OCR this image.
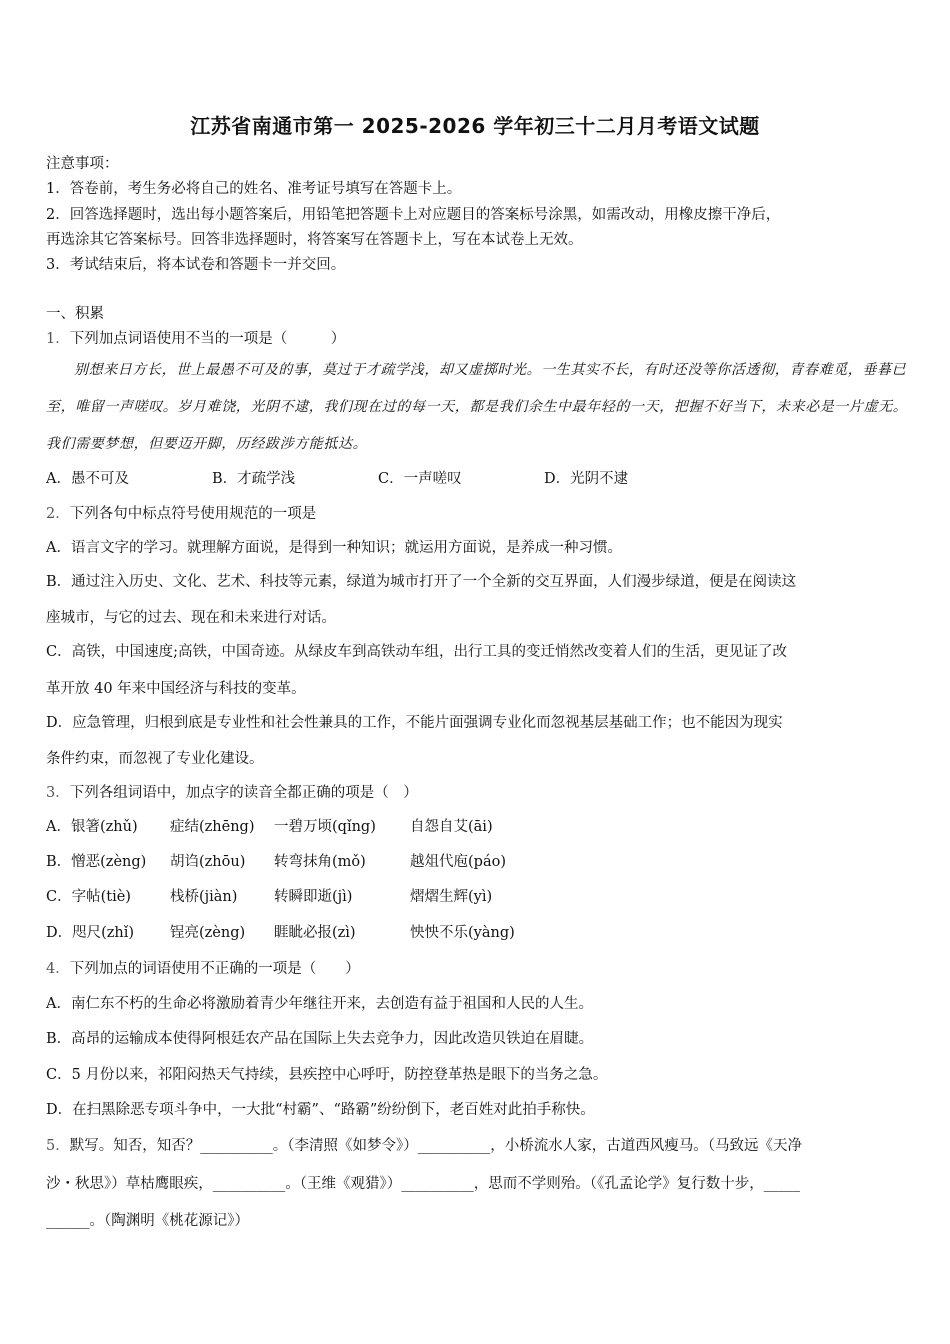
江苏省南通市第一 2025-2026 学年初三十二月月考语文试题
注意事项：
1．答卷前，考生务必将自己的姓名、准考证号填写在答题卡上。
2．回答选择题时，选出每小题答案后，用铅笔把答题卡上对应题目的答案标号涂黑，如需改动，用橡皮擦干净后，
再选涂其它答案标号。回答非选择题时，将答案写在答题卡上，写在本试卷上无效。
3．考试结束后，将本试卷和答题卡一并交回。
一、积累
1．下列加点词语使用不当的一项是（　　　）
别想来日方长，世上最愚不可及的事，莫过于才疏学浅，却又虚掷时光。一生其实不长，有时还没等你活透彻，青春难觅，垂暮已至，唯留一声嗟叹。岁月难饶，光阴不逮，我们现在过的每一天，都是我们余生中最年轻的一天，把握不好当下，未来必是一片虚无。我们需要梦想，但要迈开脚，历经跋涉方能抵达。
A．愚不可及	B．才疏学浅	C．一声嗟叹	D．光阴不逮
2．下列各句中标点符号使用规范的一项是
A．语言文字的学习。就理解方面说，是得到一种知识；就运用方面说，是养成一种习惯。
B．通过注入历史、文化、艺术、科技等元素，绿道为城市打开了一个全新的交互界面，人们漫步绿道，便是在阅读这
座城市，与它的过去、现在和未来进行对话。
C．高铁，中国速度;高铁，中国奇迹。从绿皮车到高铁动车组，出行工具的变迁悄然改变着人们的生活，更见证了改
革开放 40 年来中国经济与科技的变革。
D．应急管理，归根到底是专业性和社会性兼具的工作，不能片面强调专业化而忽视基层基础工作；也不能因为现实
条件约束，而忽视了专业化建设。
3．下列各组词语中，加点字的读音全都正确的项是（　）
A．银箸(zhǔ) 症结(zhēng) 一碧万顷(qǐng) 自怨自艾(āi)
B．憎恶(zèng) 胡诌(zhōu) 转弯抹角(mǒ)	越俎代庖(páo)
C．字帖(tiè)	栈桥(jiàn)	转瞬即逝(jì)	熠熠生辉(yì)
D．咫尺(zhǐ) 锃亮(zèng) 睚眦必报(zì)	怏怏不乐(yàng)
4．下列加点的词语使用不正确的一项是（　　）
A．南仁东不朽的生命必将激励着青少年继往开来，去创造有益于祖国和人民的人生。
B．高昂的运输成本使得阿根廷农产品在国际上失去竞争力，因此改造贝铁迫在眉睫。
C．5 月份以来，祁阳闷热天气持续，县疾控中心呼吁，防控登革热是眼下的当务之急。
D．在扫黑除恶专项斗争中，一大批“村霸”、“路霸”纷纷倒下，老百姓对此拍手称快。
5．默写。知否，知否？__________。（李清照《如梦令》）__________，小桥流水人家，古道西风瘦马。（马致远《天净
沙・秋思》）草枯鹰眼疾，__________。（王维《观猎》）__________，思而不学则殆。（《孔孟论学》复行数十步，_____
______。（陶渊明《桃花源记》）
